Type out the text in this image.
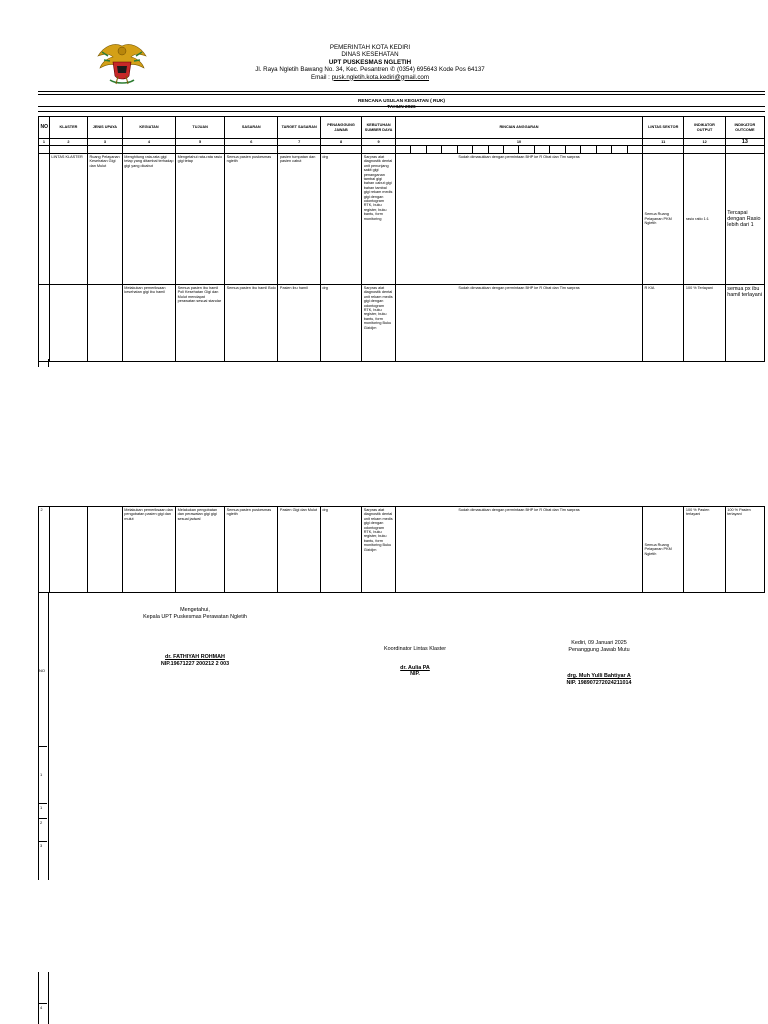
PEMERINTAH KOTA KEDIRI
DINAS KESEHATAN
UPT PUSKESMAS NGLETIH
Jl. Raya Ngletih Bawang No. 34, Kec. Pesantren ✆ (0354) 695643 Kode Pos 64137
Email : pusk.ngletih.kota.kediri@gmail.com
RENCANA USULAN KEGIATAN ( RUK)
TAHUN 2026
NO	KLASTER	JENIS UPAYA	KEGIATAN	TUJUAN	SASARAN	TARGET SASARAN	PENANGGUNG JAWAB	KEBUTUHAN SUMBER DAYA	RINCIAN ANGGARAN	LINTAS SEKTOR	INDIKATOR OUTPUT	INDIKATOR OUTCOME
1	2	3	4	5	6	7	8	9	10	11	12	13

	LINTAS KLASTER	Ruang Pelayanan Kesehatan Gigi dan Mulut	Menghitung rata-rata gigi tetap yang ditambal terhadap gigi yang dicabut	Mengetahui rata-rata rasio gigi tetap	Semua pasien puskesmas ngletih	pasien tumpatan dan pasien cabut	drg	Sarpras alat diagnostik dental unit penunjang sakit gigi penanganan tambal gigi bahan cabut gigi bahan tambal gigi rekam medis gigi dengan odontogram RTK, buku register, buku bantu, form monitoring	Sudah dimasukkan dengan permintaan BHP ke R Obat dan Tim sarpras	Semua Ruang Pelayanan PKM Ngletih	rasio ratio 1:1	Tercapai dengan Rasio lebih dari 1
			Melakukan pemeriksaan kesehatan gigi ibu hamil	Semua pasien ibu hamil Poli Kesehatan Gigi dan Mulut mendapat perawatan sesuai standar	Semua pasien ibu hamil Bolo	Pasien ibu hamil	drg	Sarpras alat diagnostik dental unit rekam medis gigi dengan odontogram RTK, buku register, buku bantu, form monitoring Buku Gizidjm	Sudah dimasukkan dengan permintaan BHP ke R Obat dan Tim sarpras	R KIA	100 % Terlayani	semua px ibu hamil terlayani
2			Melakukan pemeriksaan dan pengobatan pasien gigi dan mulut	Melakukan pengobatan dan perawatan gigi gigi sesuai jadwal	Semua pasien puskesmas ngletih	Pasien Gigi dan Mulut	drg	Sarpras alat diagnostik dental unit rekam medis gigi dengan odontogram RTK, buku register, buku bantu, form monitoring Buku Gizidjm	Sudah dimasukkan dengan permintaan BHP ke R Obat dan Tim sarpras	Semua Ruang Pelayanan PKM Ngletih	100 % Pasien terlayani	100 % Pasien terlayani
NO
1
1
2
3
4
Mengetahui,
Kepala UPT Puskesmas Perawatan Ngletih
dr. FATHIYAH ROHMAH
NIP.19671227 200212 2 003
Koordinator Lintas Klaster
dr. Aulia PA
NIP.
Kediri, 09 Januari 2025
Penanggung Jawab Mutu
drg. Muh Yulli Bahtiyar A
NIP. 198907272024211014
